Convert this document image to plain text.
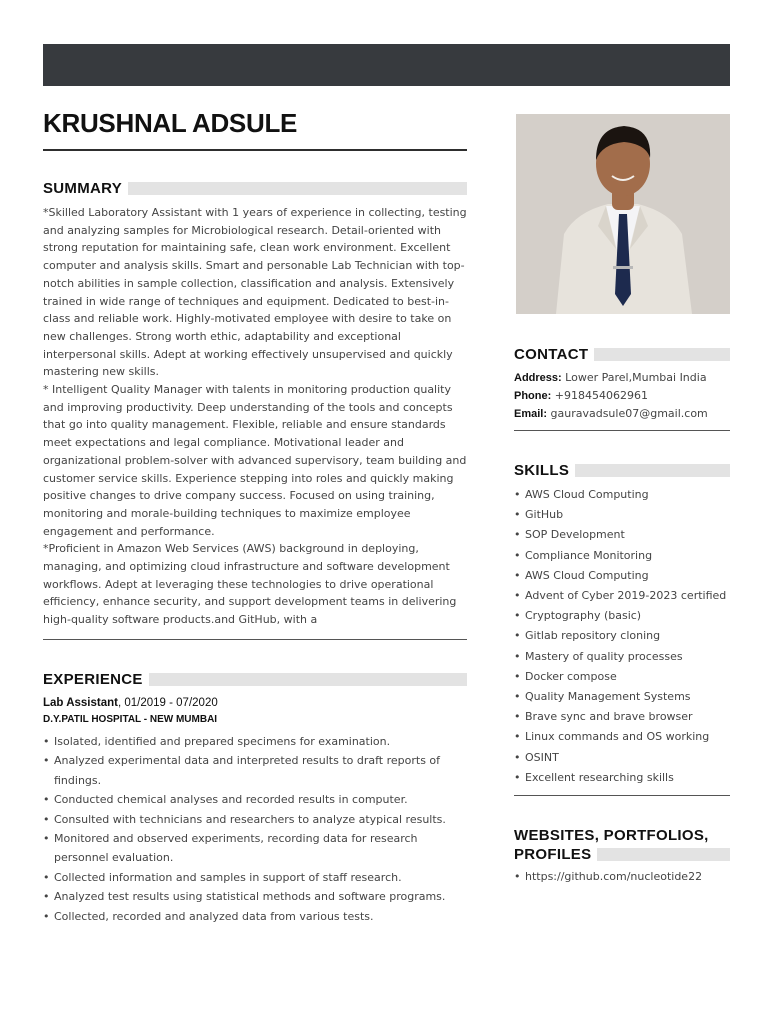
KRUSHNAL ADSULE
SUMMARY

*Skilled Laboratory Assistant with 1 years of experience in collecting, testing and analyzing samples for Microbiological research. Detail-oriented with strong reputation for maintaining safe, clean work environment. Excellent computer and analysis skills. Smart and personable Lab Technician with top-notch abilities in sample collection, classification and analysis. Extensively trained in wide range of techniques and equipment. Dedicated to best-in-class and reliable work. Highly-motivated employee with desire to take on new challenges. Strong worth ethic, adaptability and exceptional interpersonal skills. Adept at working effectively unsupervised and quickly mastering new skills.

* Intelligent Quality Manager with talents in monitoring production quality and improving productivity. Deep understanding of the tools and concepts that go into quality management. Flexible, reliable and ensure standards meet expectations and legal compliance. Motivational leader and organizational problem-solver with advanced supervisory, team building and customer service skills. Experience stepping into roles and quickly making positive changes to drive company success. Focused on using training, monitoring and morale-building techniques to maximize employee engagement and performance.

*Proficient in Amazon Web Services (AWS) background in deploying, managing, and optimizing cloud infrastructure and software development workflows. Adept at leveraging these technologies to drive operational efficiency, enhance security, and support development teams in delivering high-quality software products.and GitHub, with a

EXPERIENCE
Lab Assistant, 01/2019 - 07/2020
D.Y.PATIL HOSPITAL - NEW MUMBAI
• Isolated, identified and prepared specimens for examination.
• Analyzed experimental data and interpreted results to draft reports of findings.
• Conducted chemical analyses and recorded results in computer.
• Consulted with technicians and researchers to analyze atypical results.
• Monitored and observed experiments, recording data for research personnel evaluation.
• Collected information and samples in support of staff research.
• Analyzed test results using statistical methods and software programs.
• Collected, recorded and analyzed data from various tests.
CONTACT
Address: Lower Parel,Mumbai India
Phone: +918454062961
Email: gauravadsule07@gmail.com
SKILLS
• AWS Cloud Computing
• GitHub
• SOP Development
• Compliance Monitoring
• AWS Cloud Computing
• Advent of Cyber 2019-2023 certified
• Cryptography (basic)
• Gitlab repository cloning
• Mastery of quality processes
• Docker compose
• Quality Management Systems
• Brave sync and brave browser
• Linux commands and OS working
• OSINT
• Excellent researching skills
WEBSITES, PORTFOLIOS,
PROFILES
• https://github.com/nucleotide22
